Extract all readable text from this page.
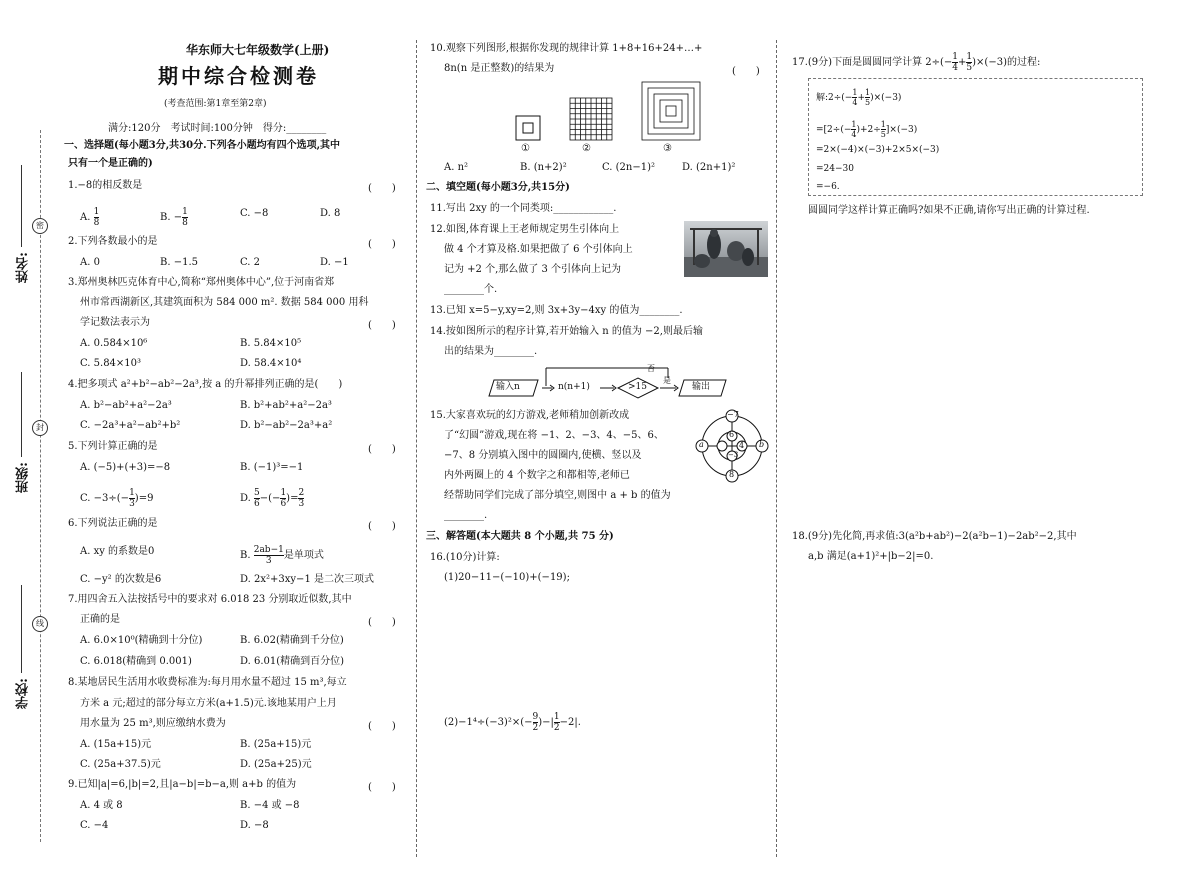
密
封
线
姓名:
班级:
学校:
华东师大七年级数学(上册)
期中综合检测卷
(考查范围:第1章至第2章)
满分:120分　考试时间:100分钟　得分:________
一、选择题(每小题3分,共30分.下列各小题均有四个选项,其中
只有一个是正确的)
1.−8的相反数是	(　　)
A. $\frac{1}{8}$	B. − $\frac{1}{8}$	C. −8	D. 8
2.下列各数最小的是	(　　)
A. 0	B. −1.5	C. 2	D. −1
3.郑州奥林匹克体育中心,简称“郑州奥体中心”,位于河南省郑
州市常西湖新区,其建筑面积为 584 000 m². 数据 584 000 用科
学记数法表示为	(　　)
A. 0.584×10⁶	B. 5.84×10⁵
C. 5.84×10³	D. 58.4×10⁴
4.把多项式 a²+b²−ab²−2a³,按 a 的升幂排列正确的是(　　)
A. b²−ab²+a²−2a³	B. b²+ab²+a²−2a³
C. −2a³+a²−ab²+b²	D. b²−ab²−2a³+a²
5.下列计算正确的是	(　　)
A. (−5)+(+3)=−8	B. (−1)³=−1
C. $-3\div(- \frac{1}{3} )=9$	D. $\frac{5}{6}$ −(− $\frac{1}{6}$ )= $\frac{2}{3}$
6.下列说法正确的是	(　　)
A. xy 的系数是0	B. $\frac{2ab-1}{3}$ 是单项式
C. −y² 的次数是6	D. 2x²+3xy−1 是二次三项式
7.用四舍五入法按括号中的要求对 6.018 23 分别取近似数,其中
正确的是	(　　)
A. 6.0×10⁰(精确到十分位)	B. 6.02(精确到千分位)
C. 6.018(精确到 0.001)	D. 6.01(精确到百分位)
8.某地居民生活用水收费标准为:每月用水量不超过 15 m³,每立
方米 a 元;超过的部分每立方米(a+1.5)元.该地某用户上月
用水量为 25 m³,则应缴纳水费为	(　　)
A. (15a+15)元	B. (25a+15)元
C. (25a+37.5)元	D. (25a+25)元
9.已知|a|=6,|b|=2,且|a−b|=b−a,则 a+b 的值为	(　　)
A. 4 或 8	B. −4 或 −8
C. −4	D. −8
10.观察下列图形,根据你发现的规律计算 1+8+16+24+…+
8n(n 是正整数)的结果为	(　　)
①	②	③
A. n²	B. (n+2)²	C. (2n−1)²	D. (2n+1)²
二、填空题(每小题3分,共15分)
11.写出 2xy 的一个同类项:____________.
12.如图,体育课上王老师规定男生引体向上
做 4 个才算及格.如果把做了 6 个引体向上
记为 +2 个,那么做了 3 个引体向上记为
________个.
13.已知 x=5−y,xy=2,则 3x+3y−4xy 的值为________.
14.按如图所示的程序计算,若开始输入 n 的值为 −2,则最后输
出的结果为________.
输入n	n(n+1)	>15
否
是
输出
15.大家喜欢玩的幻方游戏,老师稍加创新改成
了“幻圆”游戏,现在将 −1、2、−3、4、−5、6、
−7、8 分别填入图中的圆圈内,使横、竖以及
内外两圈上的 4 个数字之和都相等,老师已
经帮助同学们完成了部分填空,则图中 a + b 的值为
________.
−7
8
a	b
6
4
−3
三、解答题(本大题共 8 个小题,共 75 分)
16.(10分)计算:
(1)20−11−(−10)+(−19);
$(2)-1^4\div(-3)^2\times(- \frac{9}{2}$ )−| $\frac{1}{2} -2|$.
17.(9分)下面是圆圆同学计算 $2\div(- \frac{1}{4} + \frac{1}{5} )\times(-3)$的过程:
解:2÷(− $\frac{1}{4} + \frac{1}{5} )\times(-3)$
$=[2\div(- \frac{1}{4} )+2\div \frac{1}{5} ]\times(-3)$
=2×(−4)×(−3)+2×5×(−3)
=24−30
=−6.
圆圆同学这样计算正确吗?如果不正确,请你写出正确的计算过程.
18.(9分)先化简,再求值:3(a²b+ab²)−2(a²b−1)−2ab²−2,其中
a,b 满足(a+1)²+|b−2|=0.
